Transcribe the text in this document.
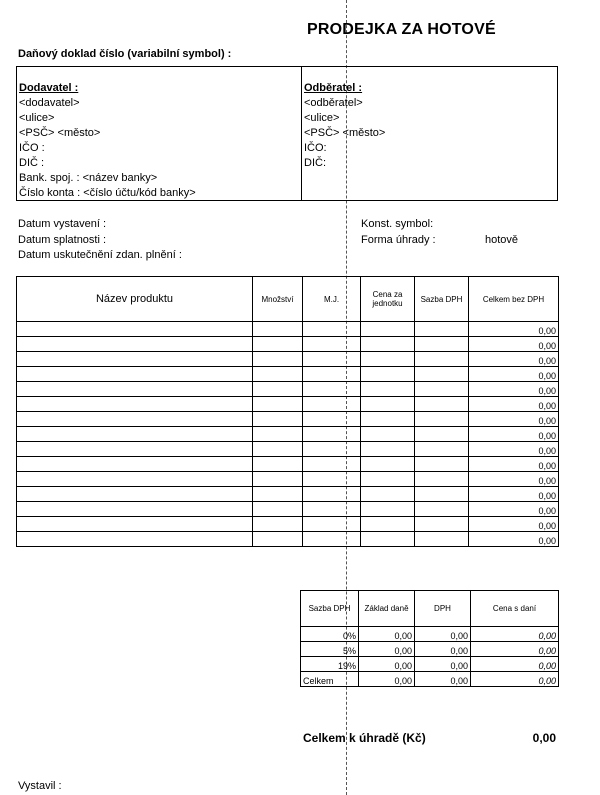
PRODEJKA ZA HOTOVÉ
Daňový doklad číslo (variabilní symbol) :
Dodavatel :
<dodavatel>
<ulice>
<PSČ> <město>
IČO :
DIČ :
Bank. spoj. : <název banky>
Číslo konta : <číslo účtu/kód banky>
Odběratel :
<odběratel>
<ulice>
<PSČ> <město>
IČO:
DIČ:
Datum vystavení :
Datum splatnosti :
Datum uskutečnění zdan. plnění :
Konst. symbol:
Forma úhrady :	hotově
Název produktu	Množství	M.J.	Cena za jednotku	Sazba DPH	Celkem bez DPH
					0,00
					0,00
					0,00
					0,00
					0,00
					0,00
					0,00
					0,00
					0,00
					0,00
					0,00
					0,00
					0,00
					0,00
					0,00
Sazba DPH	Základ daně	DPH	Cena s daní
0%	0,00	0,00	0,00
5%	0,00	0,00	0,00
19%	0,00	0,00	0,00
Celkem	0,00	0,00	0,00
Celkem k úhradě (Kč)	0,00
Vystavil :
